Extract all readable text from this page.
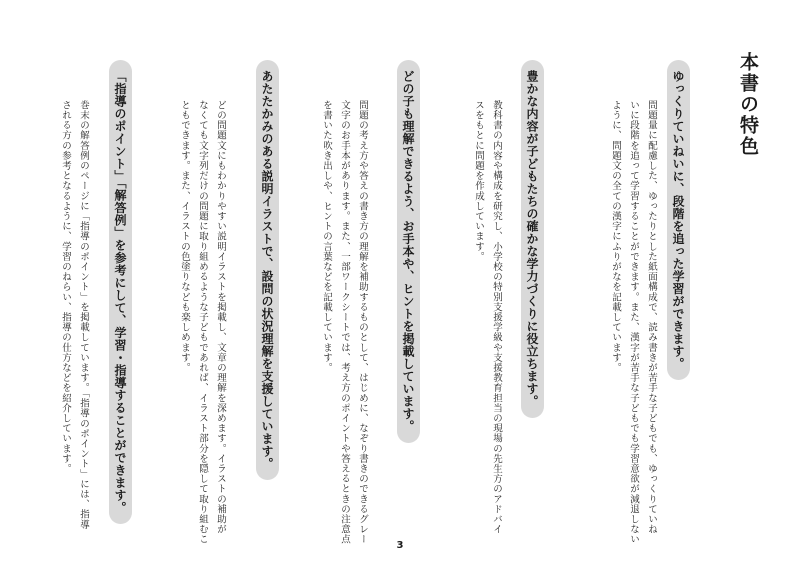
本書の特色
ゆっくりていねいに、段階を追った学習ができます。
問題量に配慮した、ゆったりとした紙面構成で、読み書きが苦手な子どもでも、ゆっくりていね
いに段階を追って学習することができます。また、漢字が苦手な子どもでも学習意欲が減退しない
ように、問題文の全ての漢字にふりがなを記載しています。
豊かな内容が子どもたちの確かな学力づくりに役立ちます。
教科書の内容や構成を研究し、小学校の特別支援学級や支援教育担当の現場の先生方のアドバイ
スをもとに問題を作成しています。
どの子も理解できるよう、お手本や、ヒントを掲載しています。
問題の考え方や答えの書き方の理解を補助するものとして、はじめに、なぞり書きのできるグレー
文字のお手本があります。また、一部ワークシートでは、考え方のポイントや答えるときの注意点
を書いた吹き出しや、ヒントの言葉などを記載しています。
あたたかみのある説明イラストで、設問の状況理解を支援しています。
どの問題文にもわかりやすい説明イラストを掲載し、文章の理解を深めます。イラストの補助が
なくても文字列だけの問題に取り組めるような子どもであれば、イラスト部分を隠して取り組むこ
ともできます。また、イラストの色塗りなども楽しめます。
「指導のポイント」「解答例」を参考にして、学習・指導することができます。
巻末の解答例のページに「指導のポイント」を掲載しています。「指導のポイント」には、指導
される方の参考となるように、学習のねらい、指導の仕方などを紹介しています。
3
